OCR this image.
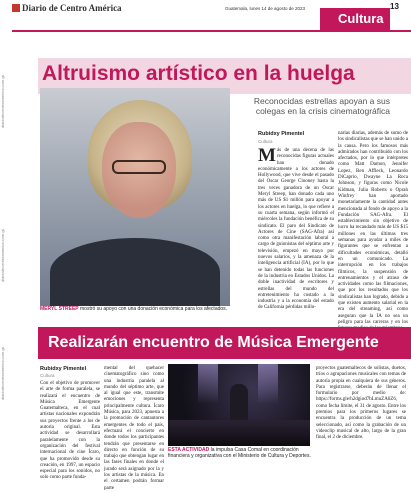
diariodecentroamerica.com.gt
diariodecentroamerica.com.gt
diariodecentroamerica.com.gt
Diario de Centro América	Guatemala, lunes 14 de agosto de 2023
Cultura
13
Altruismo artístico en la huelga
Reconocidas estrellas apoyan a sus colegas en la crisis cinematográfica
MERYL STREEP mostró su apoyo con una donación económica para los afectados.
Rubidxy Pimentel
Cultura
M ás de una decena de las reconocidas figuras actuales han donado económicamente a los actores de Hollywood, que vive desde el pasado del Oscar George Clooney hasta la tres veces ganadora de un Oscar Meryl Streep, han donado cada uno más de US $1 millón para apoyar a los actores en huelga, lo que refiere a su cuarta semana, según informó el miércoles la fundación benéfica de su sindicato. El paro del Sindicato de Actores de Cine (SAG-Afra) así como otra manifestación laboral a cargo de guionistas del séptimo arte y televisión, empezó en mayo por nuevos salarios, y la amenaza de la inteligencia artificial (IA), por lo que se han detenido todas las funciones de la industria en Estados Unidos. La doble inactividad de escritores y estrellas del mundo del entretenimiento ha costado a la industria y a la economía del estado de California pérdidas millo-
narias diarias, además de sumo de los sindicalistas que se han unido a la causa. Pero los famosos más admirados han contribuido con los afectados, por lo que intérpretes como Matt Damon, Jennifer Lopez, Ben Affleck, Leonardo DiCaprio, Dwayne La Roca Johnson, y figuras como Nicole Kidman, Julia Roberts o Oprah Winfrey han aportado monetariamente la cantidad antes mencionada al fondo de apoyo a la Fundación SAG-Afra. El establecimiento sin objetivo de lucro ha recaudado más de US $15 millones en las últimas tres semanas para ayudar a miles de figurantes que se enfrentan a dificultades económicas, detalló en un comunicado. La interrupción en los trabajos fílmicos, la suspensión de entrenamientos y el atraso de actividades como las filmaciones, que por los resultados que los sindicalistas han logrado, debido a que existen aumento salarial en la era del streaming, así como aseguran que la IA no sea un peligro para las carreras y en los
Realizarán encuentro de Música Emergente
Rubidxy Pimentel
Cultura
Con el objetivo de promover el arte de forma paralela, se realizará el encuentro de Música Emergente Guatemalteca, en el cual artistas nacionales expondrán sus proyectos frente a los de autoría original. Esta actividad se desarrollará paralelamente con la organización del festival internacional de cine Ícaro, que ha promovido desde su creación, en 1997, un espacio especial para los sonidos, no solo como parte funda-
mental del quehacer cinematográfico sino como una industria paralela al mundo del séptimo arte, que al igual que este, transmite emociones y representa principalmente cultura. Ícaro Música, para 2023, apuesta a la promoción de cantautores emergentes de todo el país, efectuará el concierto en donde todos los participantes tendrán que presentarse en directo en función de su trabajo que obtengan lugar en las fases finales en donde el jurado será asignado por la y los artistas de la música. En el certamen podrán formar parte
ESTA ACTIVIDAD la impulsa Casa Comal en coordinación financiera y organizativa con el Ministerio de Cultura y Deportes.
proyectos guatemaltecos de solistas, duetos, tríos o agrupaciones musicales con temas de autoría propia en cualquiera de sus géneros. Para registrarse, deberán de llenar el formulario por medio de: https://forms.gle/h2dgiod7bLmuZA6Z6, como fecha límite, el 31 de agosto. Entre los premios para los primeros lugares se encuentra la producción de un tema seleccionado, así como la grabación de un videoclip musical de alto, largo de la gran final, el 2 de diciembre.
